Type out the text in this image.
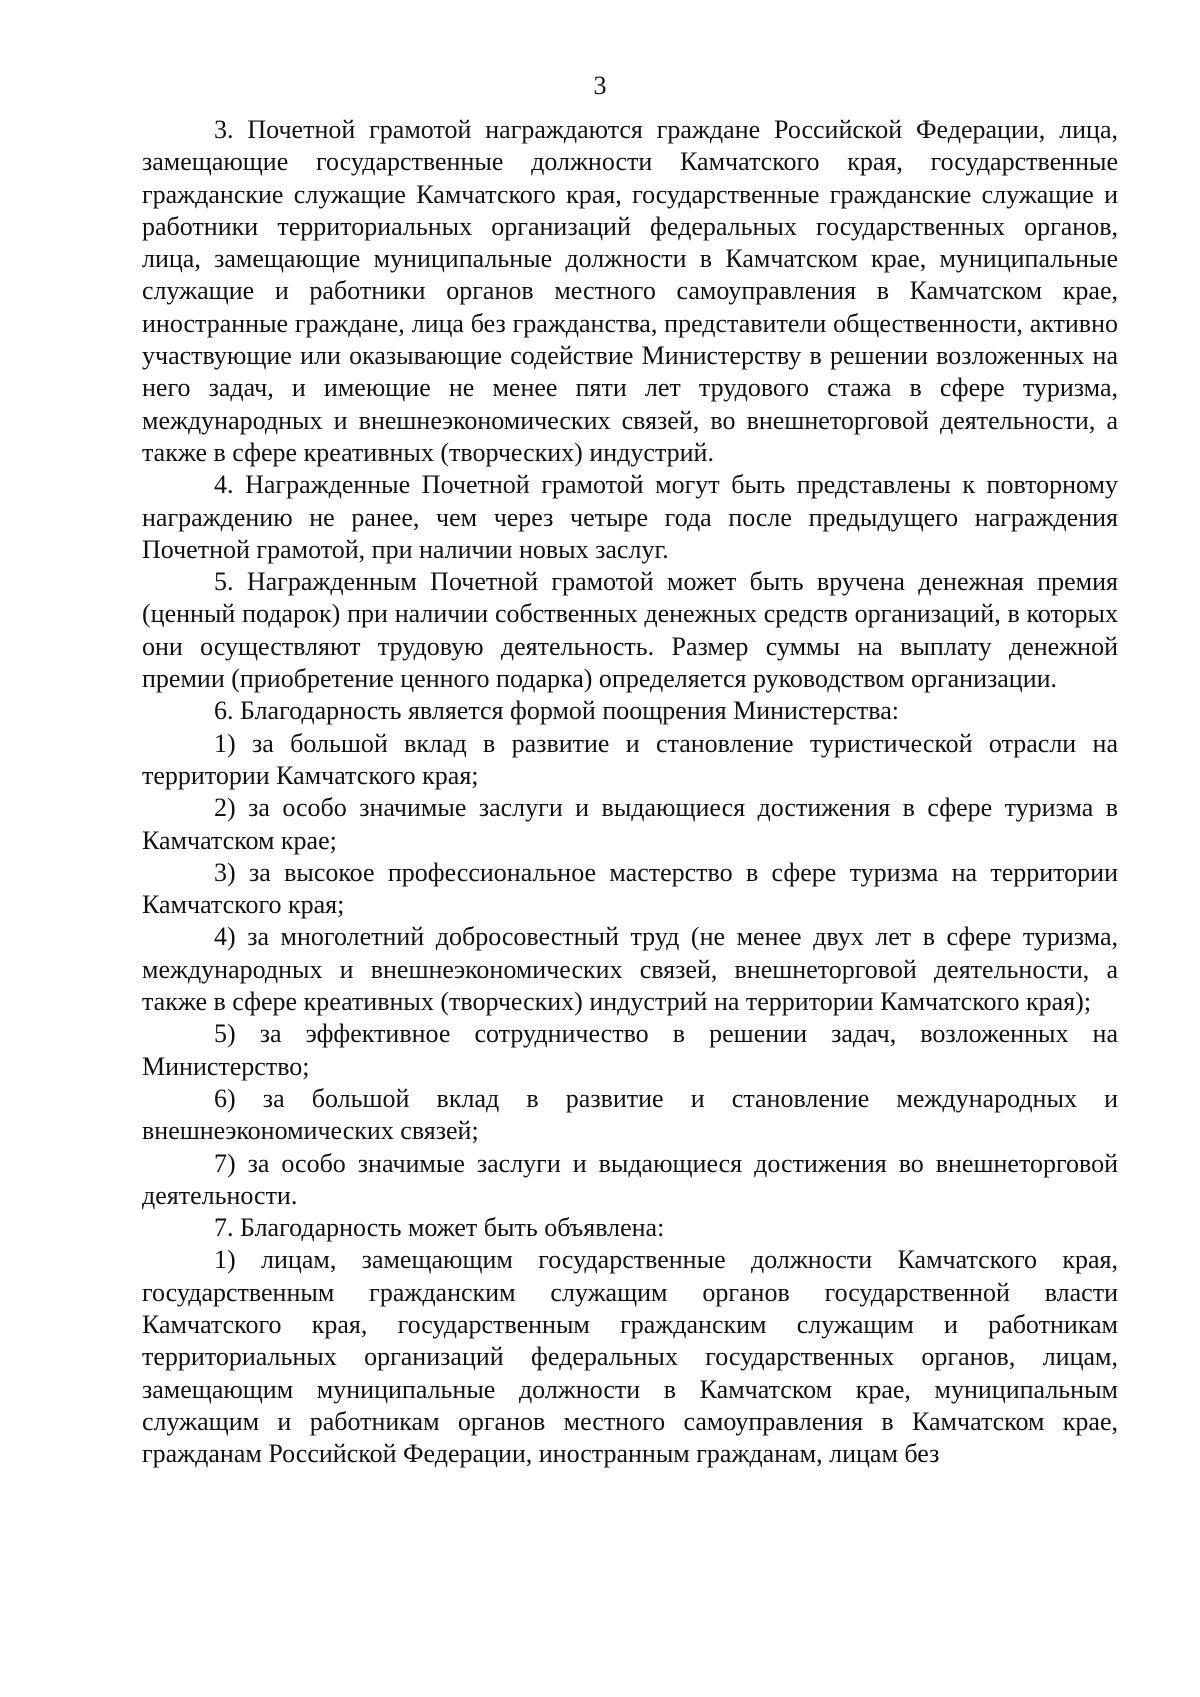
3

3. Почетной грамотой награждаются граждане Российской Федерации, лица, замещающие государственные должности Камчатского края, государственные гражданские служащие Камчатского края, государственные гражданские служащие и работники территориальных организаций федеральных государственных органов, лица, замещающие муниципальные должности в Камчатском крае, муниципальные служащие и работники органов местного самоуправления в Камчатском крае, иностранные граждане, лица без гражданства, представители общественности, активно участвующие или оказывающие содействие Министерству в решении возложенных на него задач, и имеющие не менее пяти лет трудового стажа в сфере туризма, международных и внешнеэкономических связей, во внешнеторговой деятельности, а также в сфере креативных (творческих) индустрий.

4. Награжденные Почетной грамотой могут быть представлены к повторному награждению не ранее, чем через четыре года после предыдущего награждения Почетной грамотой, при наличии новых заслуг.

5. Награжденным Почетной грамотой может быть вручена денежная премия (ценный подарок) при наличии собственных денежных средств организаций, в которых они осуществляют трудовую деятельность. Размер суммы на выплату денежной премии (приобретение ценного подарка) определяется руководством организации.

6. Благодарность является формой поощрения Министерства:

1) за большой вклад в развитие и становление туристической отрасли на территории Камчатского края;

2) за особо значимые заслуги и выдающиеся достижения в сфере туризма в Камчатском крае;

3) за высокое профессиональное мастерство в сфере туризма на территории Камчатского края;

4) за многолетний добросовестный труд (не менее двух лет в сфере туризма, международных и внешнеэкономических связей, внешнеторговой деятельности, а также в сфере креативных (творческих) индустрий на территории Камчатского края);

5) за эффективное сотрудничество в решении задач, возложенных на Министерство;

6) за большой вклад в развитие и становление международных и внешнеэкономических связей;

7) за особо значимые заслуги и выдающиеся достижения во внешнеторговой деятельности.

7. Благодарность может быть объявлена:

1) лицам, замещающим государственные должности Камчатского края, государственным гражданским служащим органов государственной власти Камчатского края, государственным гражданским служащим и работникам территориальных организаций федеральных государственных органов, лицам, замещающим муниципальные должности в Камчатском крае, муниципальным служащим и работникам органов местного самоуправления в Камчатском крае, гражданам Российской Федерации, иностранным гражданам, лицам без
